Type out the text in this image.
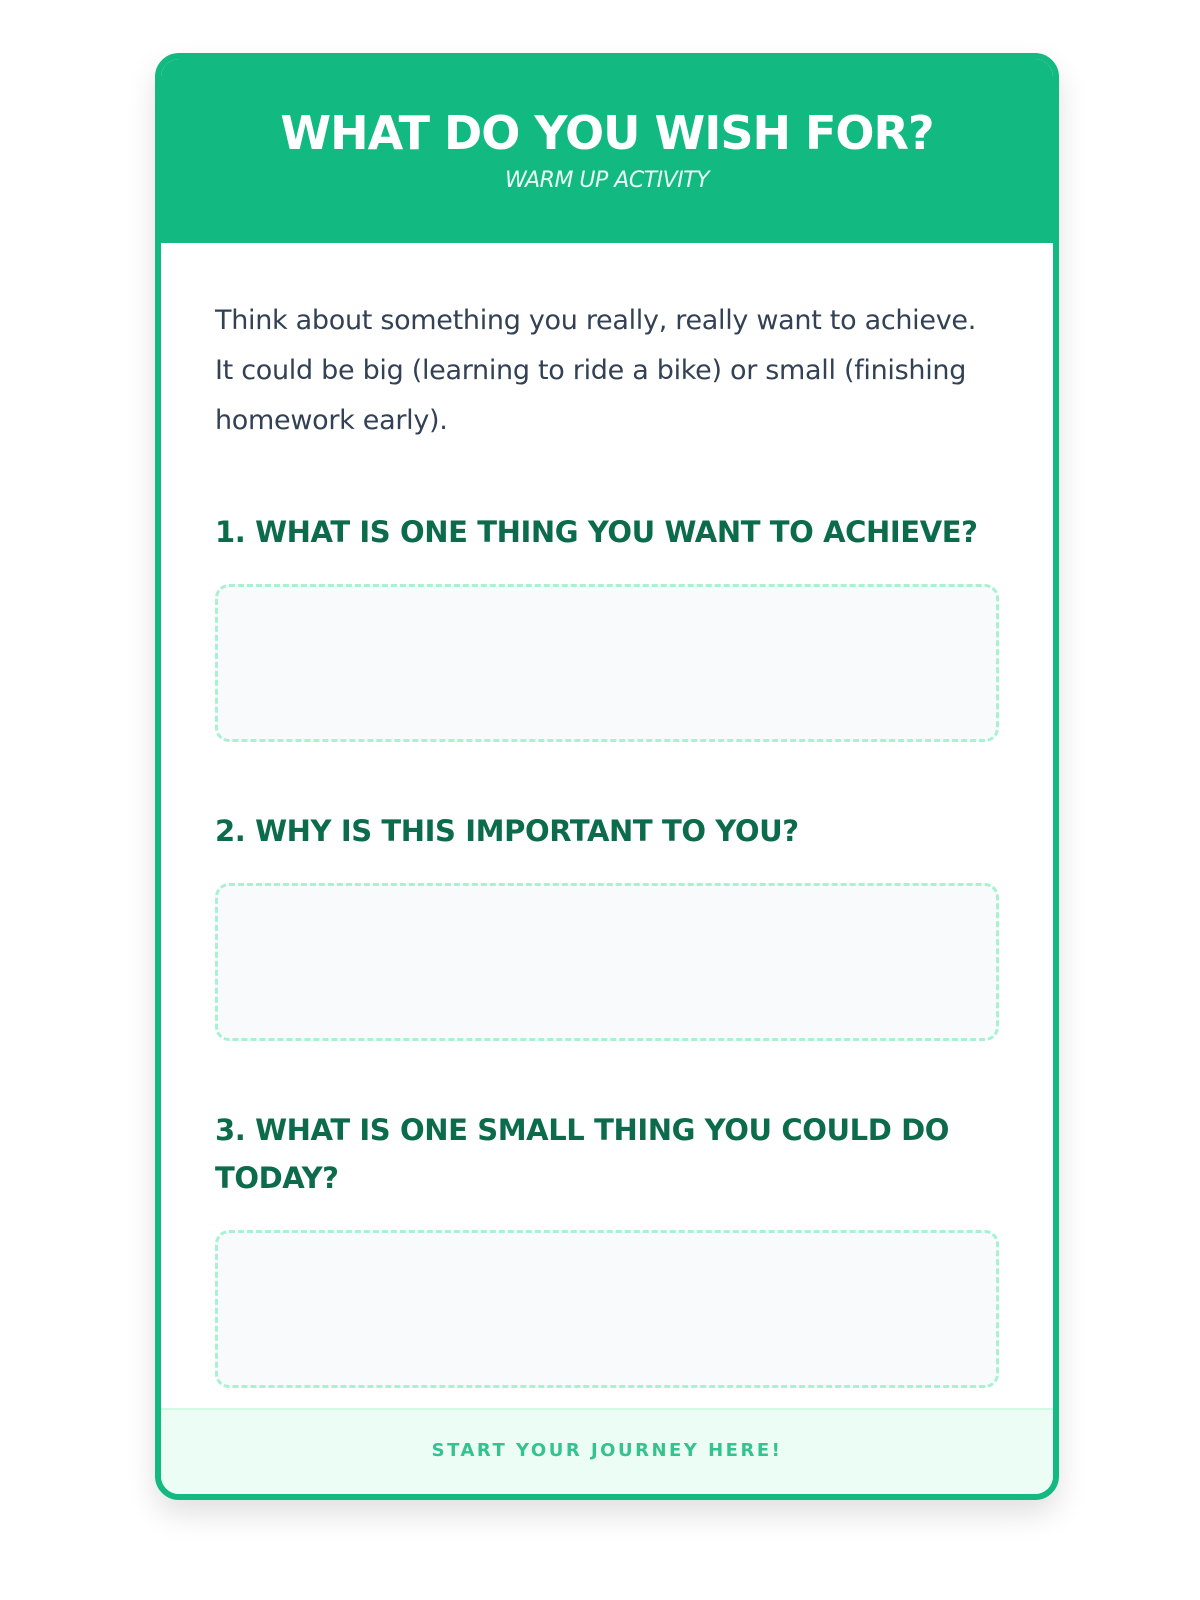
WHAT DO YOU WISH FOR?
WARM UP ACTIVITY

Think about something you really, really want to achieve. It could be big (learning to ride a bike) or small (finishing homework early).

1. WHAT IS ONE THING YOU WANT TO ACHIEVE?
2. WHY IS THIS IMPORTANT TO YOU?
3. WHAT IS ONE SMALL THING YOU COULD DO TODAY?
START YOUR JOURNEY HERE!
